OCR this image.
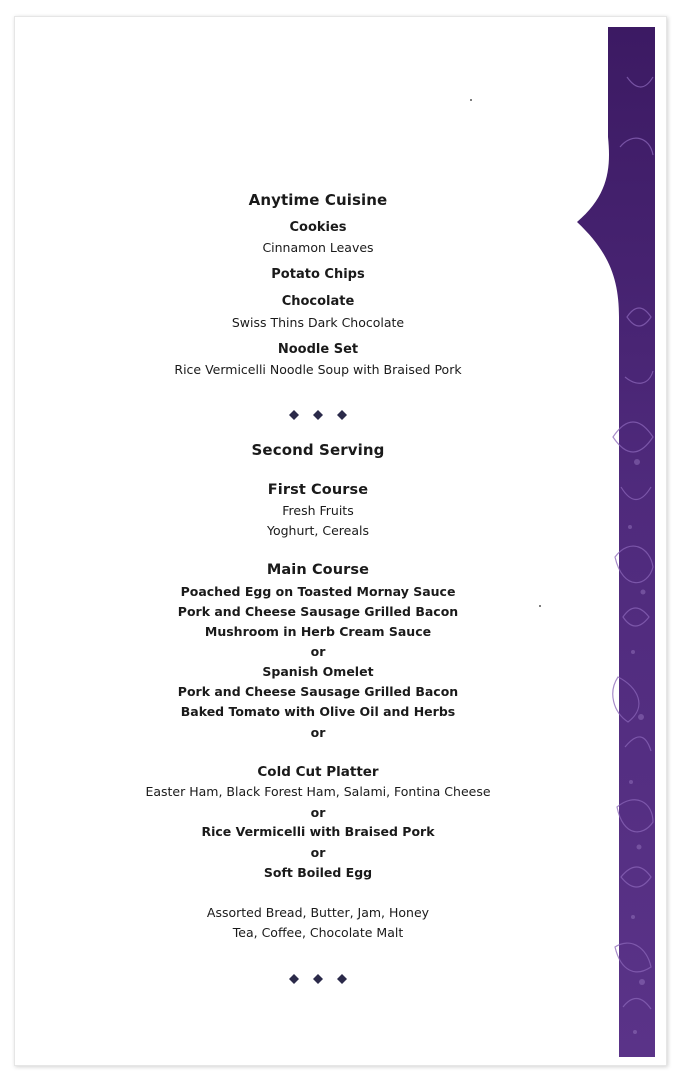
Anytime Cuisine
Cookies
Cinnamon Leaves
Potato Chips
Chocolate
Swiss Thins Dark Chocolate
Noodle Set
Rice Vermicelli Noodle Soup with Braised Pork
Second Serving
First Course
Fresh Fruits
Yoghurt, Cereals
Main Course
Poached Egg on Toasted Mornay Sauce
Pork and Cheese Sausage Grilled Bacon
Mushroom in Herb Cream Sauce
or
Spanish Omelet
Pork and Cheese Sausage Grilled Bacon
Baked Tomato with Olive Oil and Herbs
or
Cold Cut Platter
Easter Ham, Black Forest Ham, Salami, Fontina Cheese
or
Rice Vermicelli with Braised Pork
or
Soft Boiled Egg
Assorted Bread, Butter, Jam, Honey
Tea, Coffee, Chocolate Malt
